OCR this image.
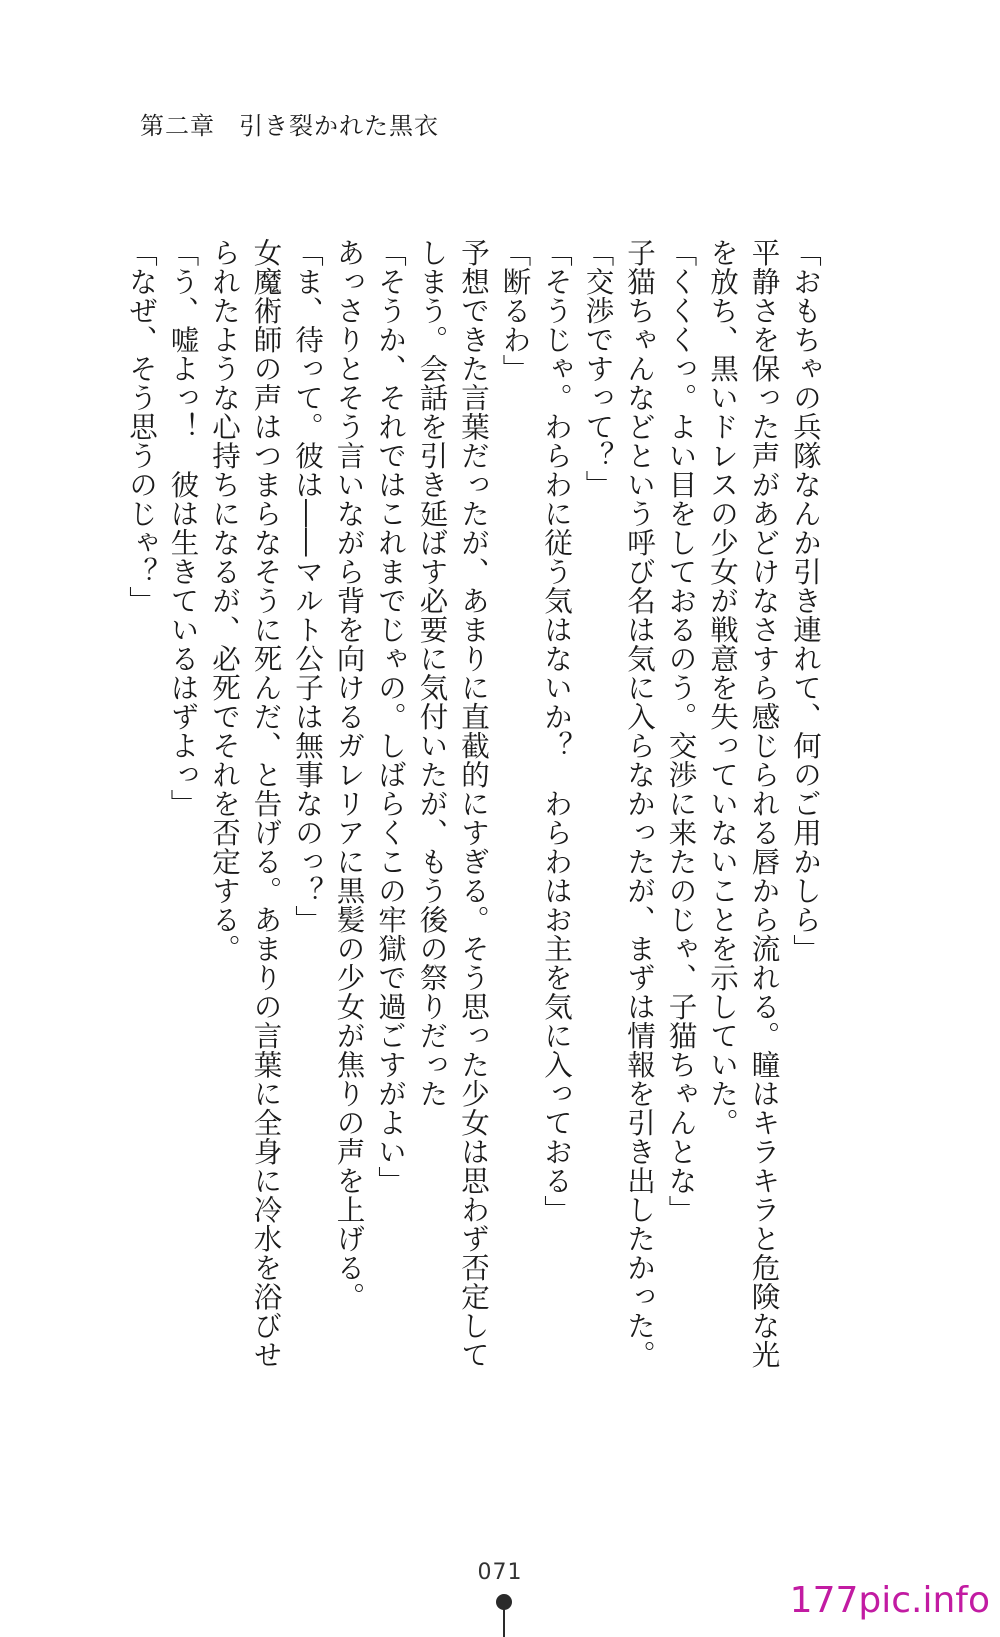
第二章 引き裂かれた黒衣

「おもちゃの兵隊なんか引き連れて、何のご用かしら」

平静さを保った声があどけなさすら感じられる唇から流れる。瞳はキラキラと危険な光

を放ち、黒いドレスの少女が戦意を失っていないことを示していた。

「くくくっ。よい目をしておるのう。交渉に来たのじゃ、子猫ちゃんとな」

子猫ちゃんなどという呼び名は気に入らなかったが、まずは情報を引き出したかった。

「交渉ですって？」

「そうじゃ。わらわに従う気はないか？　わらわはお主を気に入っておる」

「断るわ」

予想できた言葉だったが、あまりに直截的にすぎる。そう思った少女は思わず否定して

しまう。会話を引き延ばす必要に気付いたが、もう後の祭りだった

「そうか、それではこれまでじゃの。しばらくこの牢獄で過ごすがよい」

あっさりとそう言いながら背を向けるガレリアに黒髪の少女が焦りの声を上げる。

「ま、待って。彼は――マルト公子は無事なのっ？」

女魔術師の声はつまらなそうに死んだ、と告げる。あまりの言葉に全身に冷水を浴びせ

られたような心持ちになるが、必死でそれを否定する。

「う、嘘よっ！　彼は生きているはずよっ」

「なぜ、そう思うのじゃ？」

071
177pic.info
